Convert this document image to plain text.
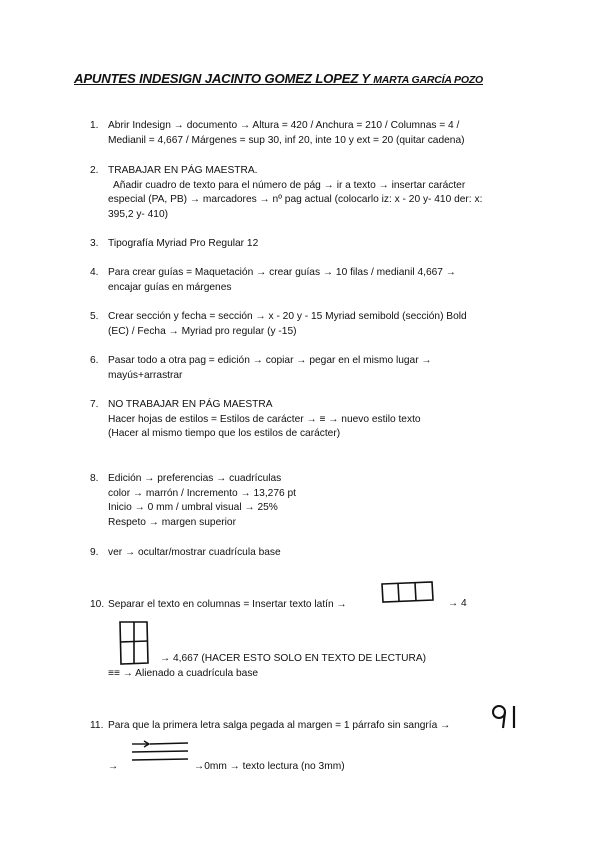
APUNTES INDESIGN JACINTO GOMEZ LOPEZ Y MARTA GARCÍA POZO
1. Abrir Indesign → documento → Altura = 420 / Anchura = 210 / Columnas = 4 /
Medianil = 4,667 / Márgenes = sup 30, inf 20, inte 10 y ext = 20 (quitar cadena)
2. TRABAJAR EN PÁG MAESTRA.
Añadir cuadro de texto para el número de pág → ir a texto → insertar carácter
especial (PA, PB) → marcadores → nº pag actual (colocarlo iz: x - 20 y- 410 der: x:
395,2 y- 410)
3. Tipografía Myriad Pro Regular 12
4. Para crear guías = Maquetación → crear guías → 10 filas / medianil 4,667 →
encajar guías en márgenes
5. Crear sección y fecha = sección → x - 20 y - 15 Myriad semibold (sección) Bold
(EC) / Fecha → Myriad pro regular (y -15)
6. Pasar todo a otra pag = edición → copiar → pegar en el mismo lugar →
mayús+arrastrar
7. NO TRABAJAR EN PÁG MAESTRA
Hacer hojas de estilos = Estilos de carácter → ≡ → nuevo estilo texto
(Hacer al mismo tiempo que los estilos de carácter)
8. Edición → preferencias → cuadrículas
color → marrón / Incremento → 13,276 pt
Inicio → 0 mm / umbral visual → 25%
Respeto → margen superior
9. ver → ocultar/mostrar cuadrícula base
10. Separar el texto en columnas = Insertar texto latín →	→ 4
→ 4,667 (HACER ESTO SOLO EN TEXTO DE LECTURA)
≡≡ → Alienado a cuadrícula base
11. Para que la primera letra salga pegada al margen = 1 párrafo sin sangría →
→	→0mm → texto lectura (no 3mm)
